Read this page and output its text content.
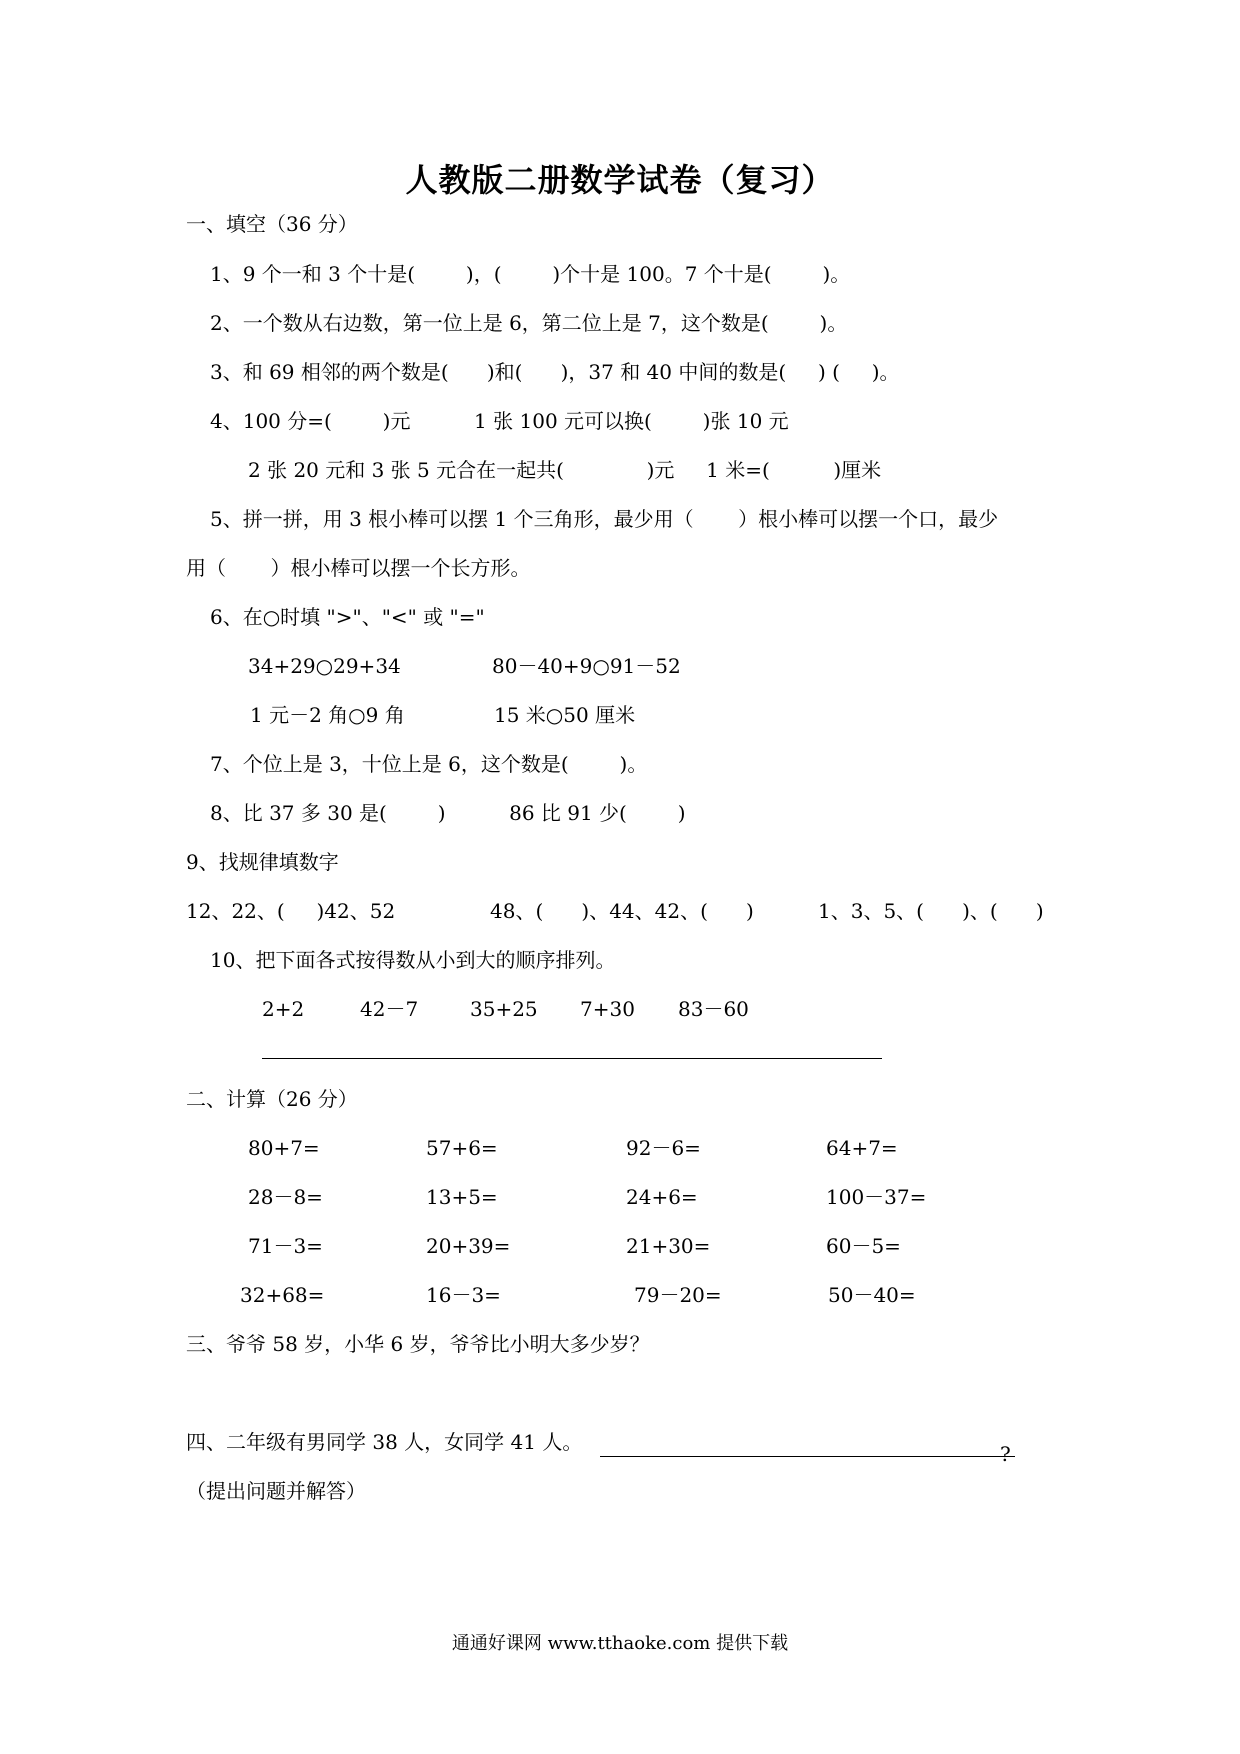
人教版二册数学试卷（复习）
一、填空（36 分）
1、9 个一和 3 个十是(        )，(        )个十是 100。7 个十是(        )。
2、一个数从右边数，第一位上是 6，第二位上是 7，这个数是(        )。
3、和 69 相邻的两个数是(      )和(      )，37 和 40 中间的数是(     ) (     )。
4、100 分=(        )元          1 张 100 元可以换(        )张 10 元
2 张 20 元和 3 张 5 元合在一起共(             )元     1 米=(          )厘米
5、拼一拼，用 3 根小棒可以摆 1 个三角形，最少用（       ）根小棒可以摆一个口，最少
用（       ）根小棒可以摆一个长方形。
6、在○时填 ">"、"<" 或 "="
34+29○29+34	80－40+9○91－52
1 元－2 角○9 角	15 米○50 厘米
7、个位上是 3，十位上是 6，这个数是(        )。
8、比 37 多 30 是(        )          86 比 91 少(        )
9、找规律填数字
12、22、(     )42、52	48、(      )、44、42、(      )	1、3、5、(      )、(      )
10、把下面各式按得数从小到大的顺序排列。
2+2	42－7	35+25 7+30 83－60
二、计算（26 分）
80+7=	57+6=	92－6=	64+7=
28－8=	13+5=	24+6=	100－37=
71－3=	20+39=	21+30=	60－5=
32+68=	16－3=	79－20=	50－40=
三、爷爷 58 岁，小华 6 岁，爷爷比小明大多少岁？
四、二年级有男同学 38 人，女同学 41 人。	?
（提出问题并解答）
通通好课网 www.tthaoke.com 提供下载
